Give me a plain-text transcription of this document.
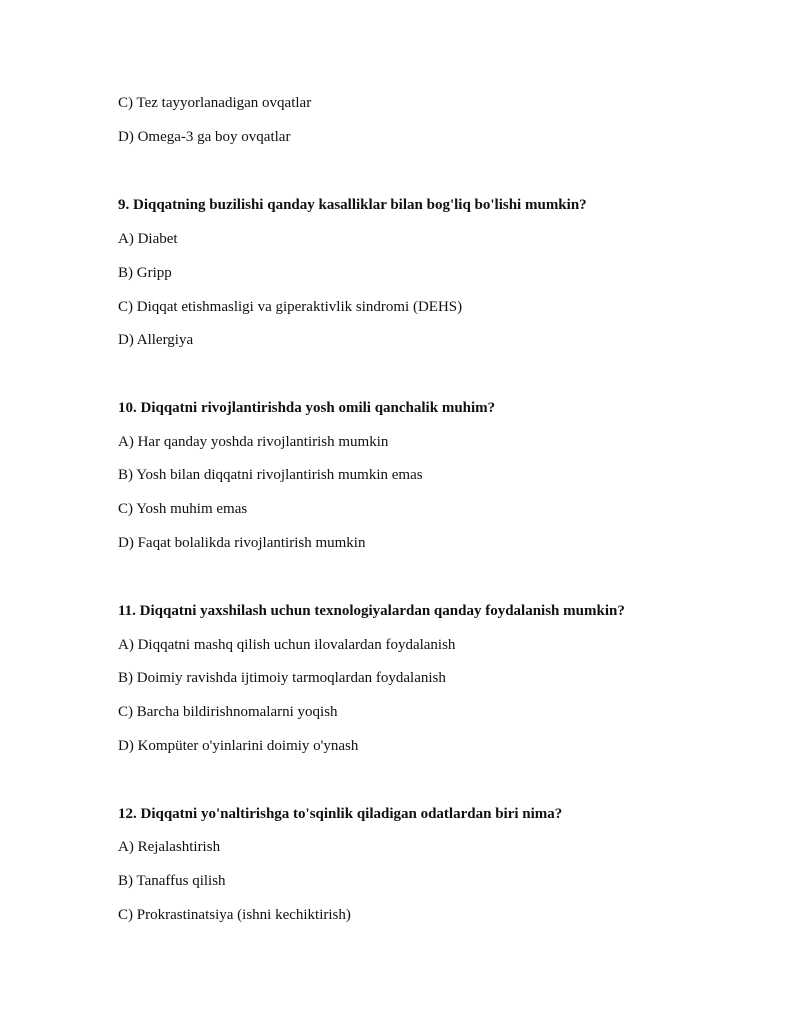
C) Tez tayyorlanadigan ovqatlar
D) Omega-3 ga boy ovqatlar
9. Diqqatning buzilishi qanday kasalliklar bilan bog'liq bo'lishi mumkin?
A) Diabet
B) Gripp
C) Diqqat etishmasligi va giperaktivlik sindromi (DEHS)
D) Allergiya
10. Diqqatni rivojlantirishda yosh omili qanchalik muhim?
A) Har qanday yoshda rivojlantirish mumkin
B) Yosh bilan diqqatni rivojlantirish mumkin emas
C) Yosh muhim emas
D) Faqat bolalikda rivojlantirish mumkin
11. Diqqatni yaxshilash uchun texnologiyalardan qanday foydalanish mumkin?
A) Diqqatni mashq qilish uchun ilovalardan foydalanish
B) Doimiy ravishda ijtimoiy tarmoqlardan foydalanish
C) Barcha bildirishnomalarni yoqish
D) Kompüter o'yinlarini doimiy o'ynash
12. Diqqatni yo'naltirishga to'sqinlik qiladigan odatlardan biri nima?
A) Rejalashtirish
B) Tanaffus qilish
C) Prokrastinatsiya (ishni kechiktirish)
